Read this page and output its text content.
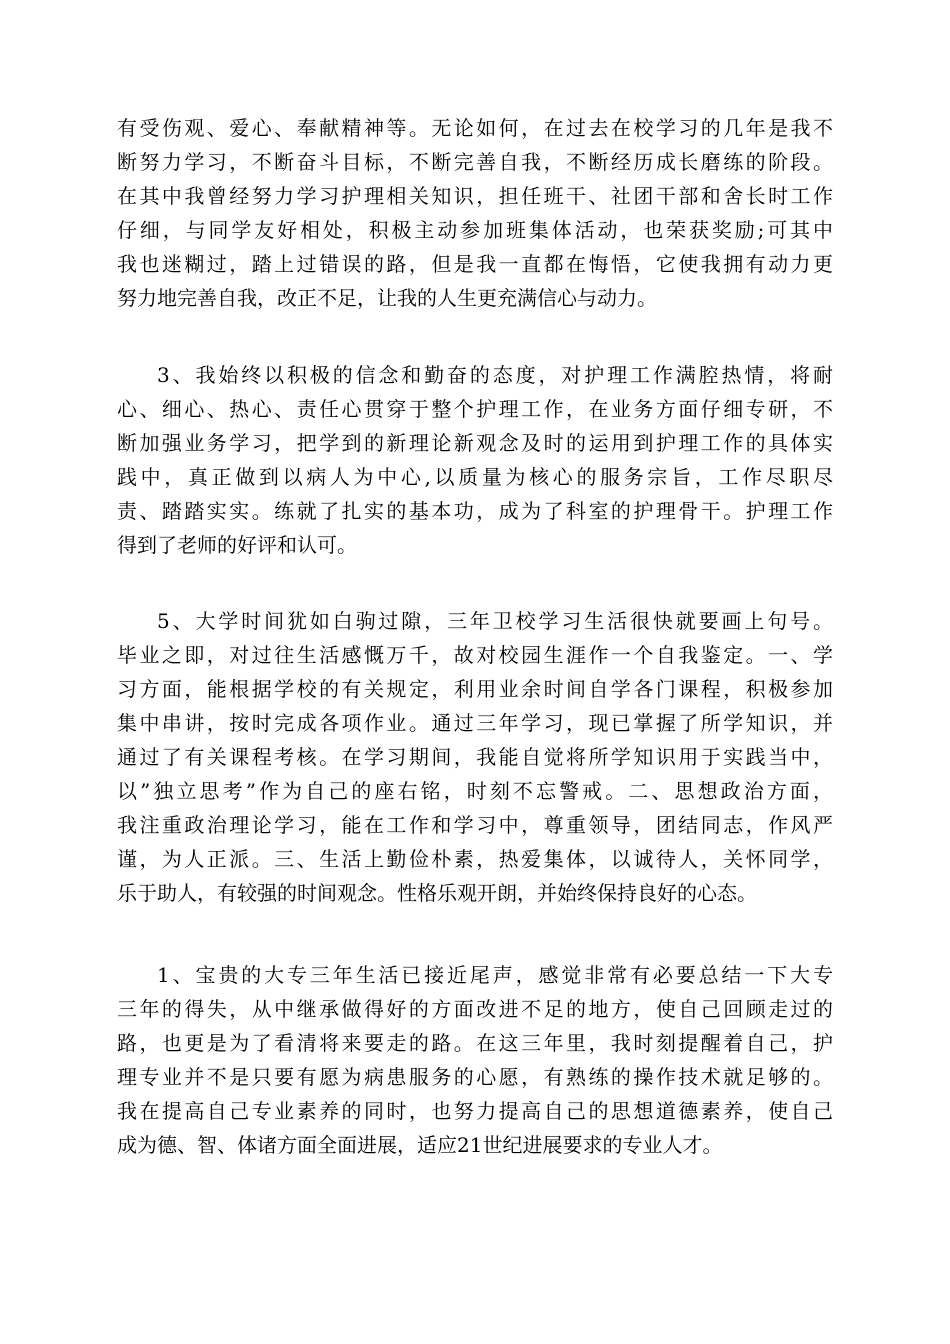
有受伤观、爱心、奉献精神等。无论如何，在过去在校学习的几年是我不
断努力学习，不断奋斗目标，不断完善自我，不断经历成长磨练的阶段。
在其中我曾经努力学习护理相关知识，担任班干、社团干部和舍长时工作
仔细，与同学友好相处，积极主动参加班集体活动，也荣获奖励;可其中
我也迷糊过，踏上过错误的路，但是我一直都在悔悟，它使我拥有动力更
努力地完善自我，改正不足，让我的人生更充满信心与动力。
3、我始终以积极的信念和勤奋的态度，对护理工作满腔热情，将耐
心、细心、热心、责任心贯穿于整个护理工作，在业务方面仔细专研，不
断加强业务学习，把学到的新理论新观念及时的运用到护理工作的具体实
践中，真正做到以病人为中心,以质量为核心的服务宗旨，工作尽职尽
责、踏踏实实。练就了扎实的基本功，成为了科室的护理骨干。护理工作
得到了老师的好评和认可。
5、大学时间犹如白驹过隙，三年卫校学习生活很快就要画上句号。
毕业之即，对过往生活感慨万千，故对校园生涯作一个自我鉴定。一、学
习方面，能根据学校的有关规定，利用业余时间自学各门课程，积极参加
集中串讲，按时完成各项作业。通过三年学习，现已掌握了所学知识，并
通过了有关课程考核。在学习期间，我能自觉将所学知识用于实践当中，
以”独立思考”作为自己的座右铭，时刻不忘警戒。二、思想政治方面，
我注重政治理论学习，能在工作和学习中，尊重领导，团结同志，作风严
谨，为人正派。三、生活上勤俭朴素，热爱集体，以诚待人，关怀同学，
乐于助人，有较强的时间观念。性格乐观开朗，并始终保持良好的心态。
1、宝贵的大专三年生活已接近尾声，感觉非常有必要总结一下大专
三年的得失，从中继承做得好的方面改进不足的地方，使自己回顾走过的
路，也更是为了看清将来要走的路。在这三年里，我时刻提醒着自己，护
理专业并不是只要有愿为病患服务的心愿，有熟练的操作技术就足够的。
我在提高自己专业素养的同时，也努力提高自己的思想道德素养，使自己
成为德、智、体诸方面全面进展，适应21世纪进展要求的专业人才。
